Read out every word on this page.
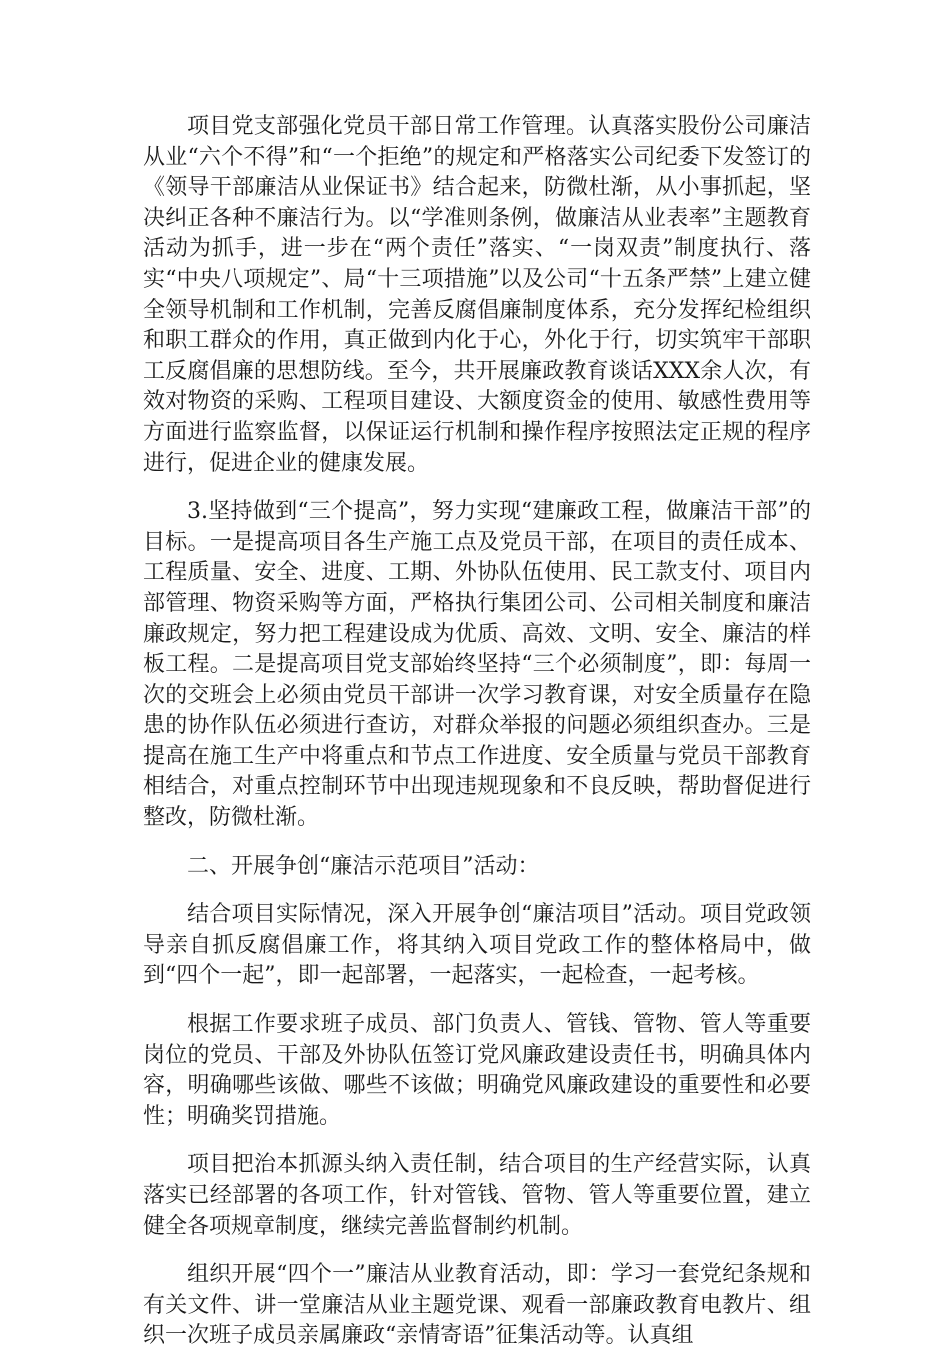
项目党支部强化党员干部日常工作管理。认真落实股份公司廉洁从业“六个不得”和“一个拒绝”的规定和严格落实公司纪委下发签订的《领导干部廉洁从业保证书》结合起来，防微杜渐，从小事抓起，坚决纠正各种不廉洁行为。以“学准则条例，做廉洁从业表率”主题教育活动为抓手，进一步在“两个责任”落实、“一岗双责”制度执行、落实“中央八项规定”、局“十三项措施”以及公司“十五条严禁”上建立健全领导机制和工作机制，完善反腐倡廉制度体系，充分发挥纪检组织和职工群众的作用，真正做到内化于心，外化于行，切实筑牢干部职工反腐倡廉的思想防线。至今，共开展廉政教育谈话XXX余人次，有效对物资的采购、工程项目建设、大额度资金的使用、敏感性费用等方面进行监察监督，以保证运行机制和操作程序按照法定正规的程序进行，促进企业的健康发展。

3.坚持做到“三个提高”，努力实现“建廉政工程，做廉洁干部”的目标。一是提高项目各生产施工点及党员干部，在项目的责任成本、工程质量、安全、进度、工期、外协队伍使用、民工款支付、项目内部管理、物资采购等方面，严格执行集团公司、公司相关制度和廉洁廉政规定，努力把工程建设成为优质、高效、文明、安全、廉洁的样板工程。二是提高项目党支部始终坚持“三个必须制度”，即：每周一次的交班会上必须由党员干部讲一次学习教育课，对安全质量存在隐患的协作队伍必须进行查访，对群众举报的问题必须组织查办。三是提高在施工生产中将重点和节点工作进度、安全质量与党员干部教育相结合，对重点控制环节中出现违规现象和不良反映，帮助督促进行整改，防微杜渐。

二、开展争创“廉洁示范项目”活动：

结合项目实际情况，深入开展争创“廉洁项目”活动。项目党政领导亲自抓反腐倡廉工作，将其纳入项目党政工作的整体格局中，做到“四个一起”，即一起部署，一起落实，一起检查，一起考核。

根据工作要求班子成员、部门负责人、管钱、管物、管人等重要岗位的党员、干部及外协队伍签订党风廉政建设责任书，明确具体内容，明确哪些该做、哪些不该做；明确党风廉政建设的重要性和必要性；明确奖罚措施。

项目把治本抓源头纳入责任制，结合项目的生产经营实际，认真落实已经部署的各项工作，针对管钱、管物、管人等重要位置，建立健全各项规章制度，继续完善监督制约机制。

组织开展“四个一”廉洁从业教育活动，即：学习一套党纪条规和有关文件、讲一堂廉洁从业主题党课、观看一部廉政教育电教片、组织一次班子成员亲属廉政“亲情寄语”征集活动等。认真组
